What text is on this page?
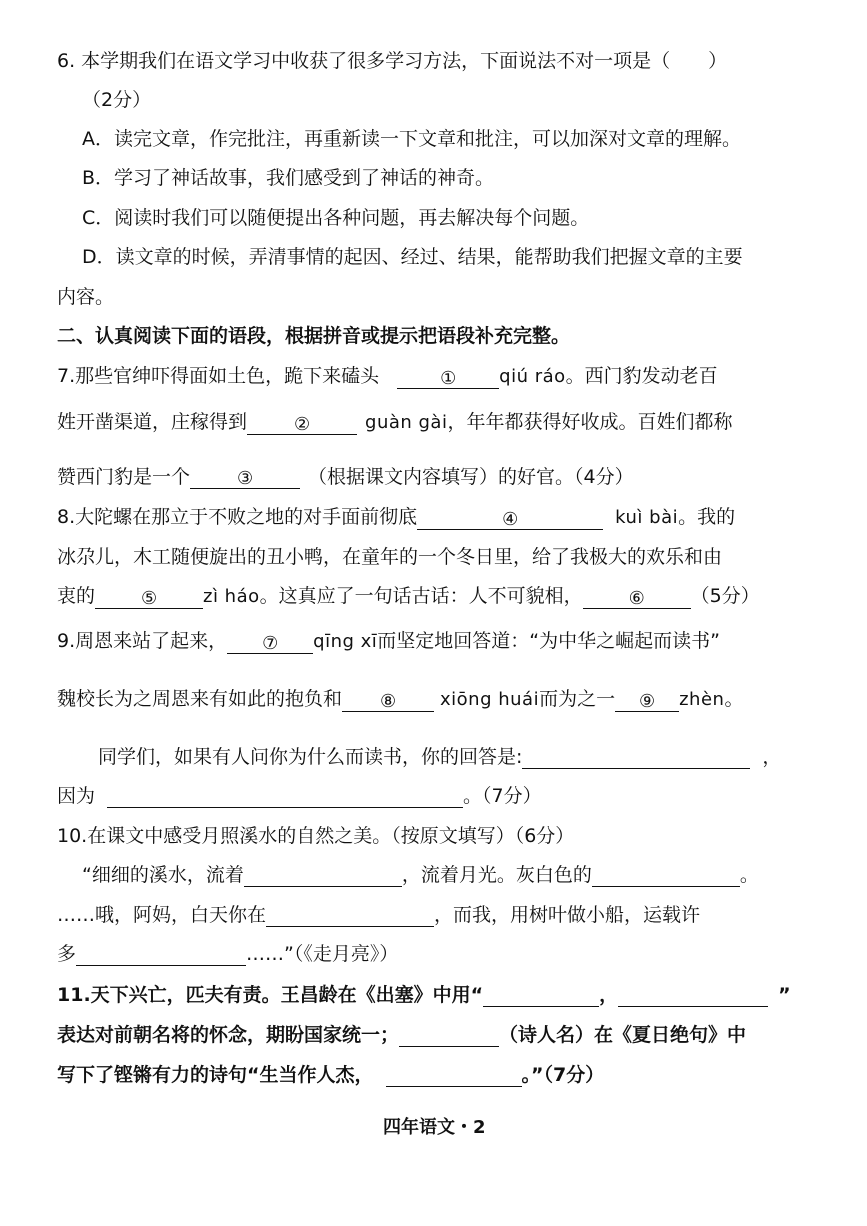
6. 本学期我们在语文学习中收获了很多学习方法，下面说法不对一项是（　　）
（2分）
A．读完文章，作完批注，再重新读一下文章和批注，可以加深对文章的理解。
B．学习了神话故事，我们感受到了神话的神奇。
C．阅读时我们可以随便提出各种问题，再去解决每个问题。
D．读文章的时候，弄清事情的起因、经过、结果，能帮助我们把握文章的主要
内容。
二、认真阅读下面的语段，根据拼音或提示把语段补充完整。
7.那些官绅吓得面如土色，跪下来磕头	① qiú ráo。西门豹发动老百
姓开凿渠道，庄稼得到	②	guàn gài，年年都获得好收成。百姓们都称
赞西门豹是一个	③	（根据课文内容填写）的好官。（4分）
8.大陀螺在那立于不败之地的对手面前彻底	④	kuì bài。我的
冰尕儿，木工随便旋出的丑小鸭，在童年的一个冬日里，给了我极大的欢乐和由
衷的	⑤	zì háo。这真应了一句话古话：人不可貌相，	⑥ （5分）
9.周恩来站了起来， ⑦ qīng xī而坚定地回答道：“为中华之崛起而读书”
魏校长为之周恩来有如此的抱负和 ⑧ xiōng huái而为之一 ⑨ zhèn。
同学们，如果有人问你为什么而读书，你的回答是:	，
因为	。（7分）
10.在课文中感受月照溪水的自然之美。（按原文填写）（6分）
“细细的溪水，流着	，流着月光。灰白色的	。
……哦，阿妈，白天你在	，而我，用树叶做小船，运载许
多	……”（《走月亮》）
11.天下兴亡，匹夫有责。王昌龄在《出塞》中用“	，	”
表达对前朝名将的怀念，期盼国家统一；	（诗人名）在《夏日绝句》中
写下了铿锵有力的诗句“生当作人杰，	。”（7分）
四年语文・2
